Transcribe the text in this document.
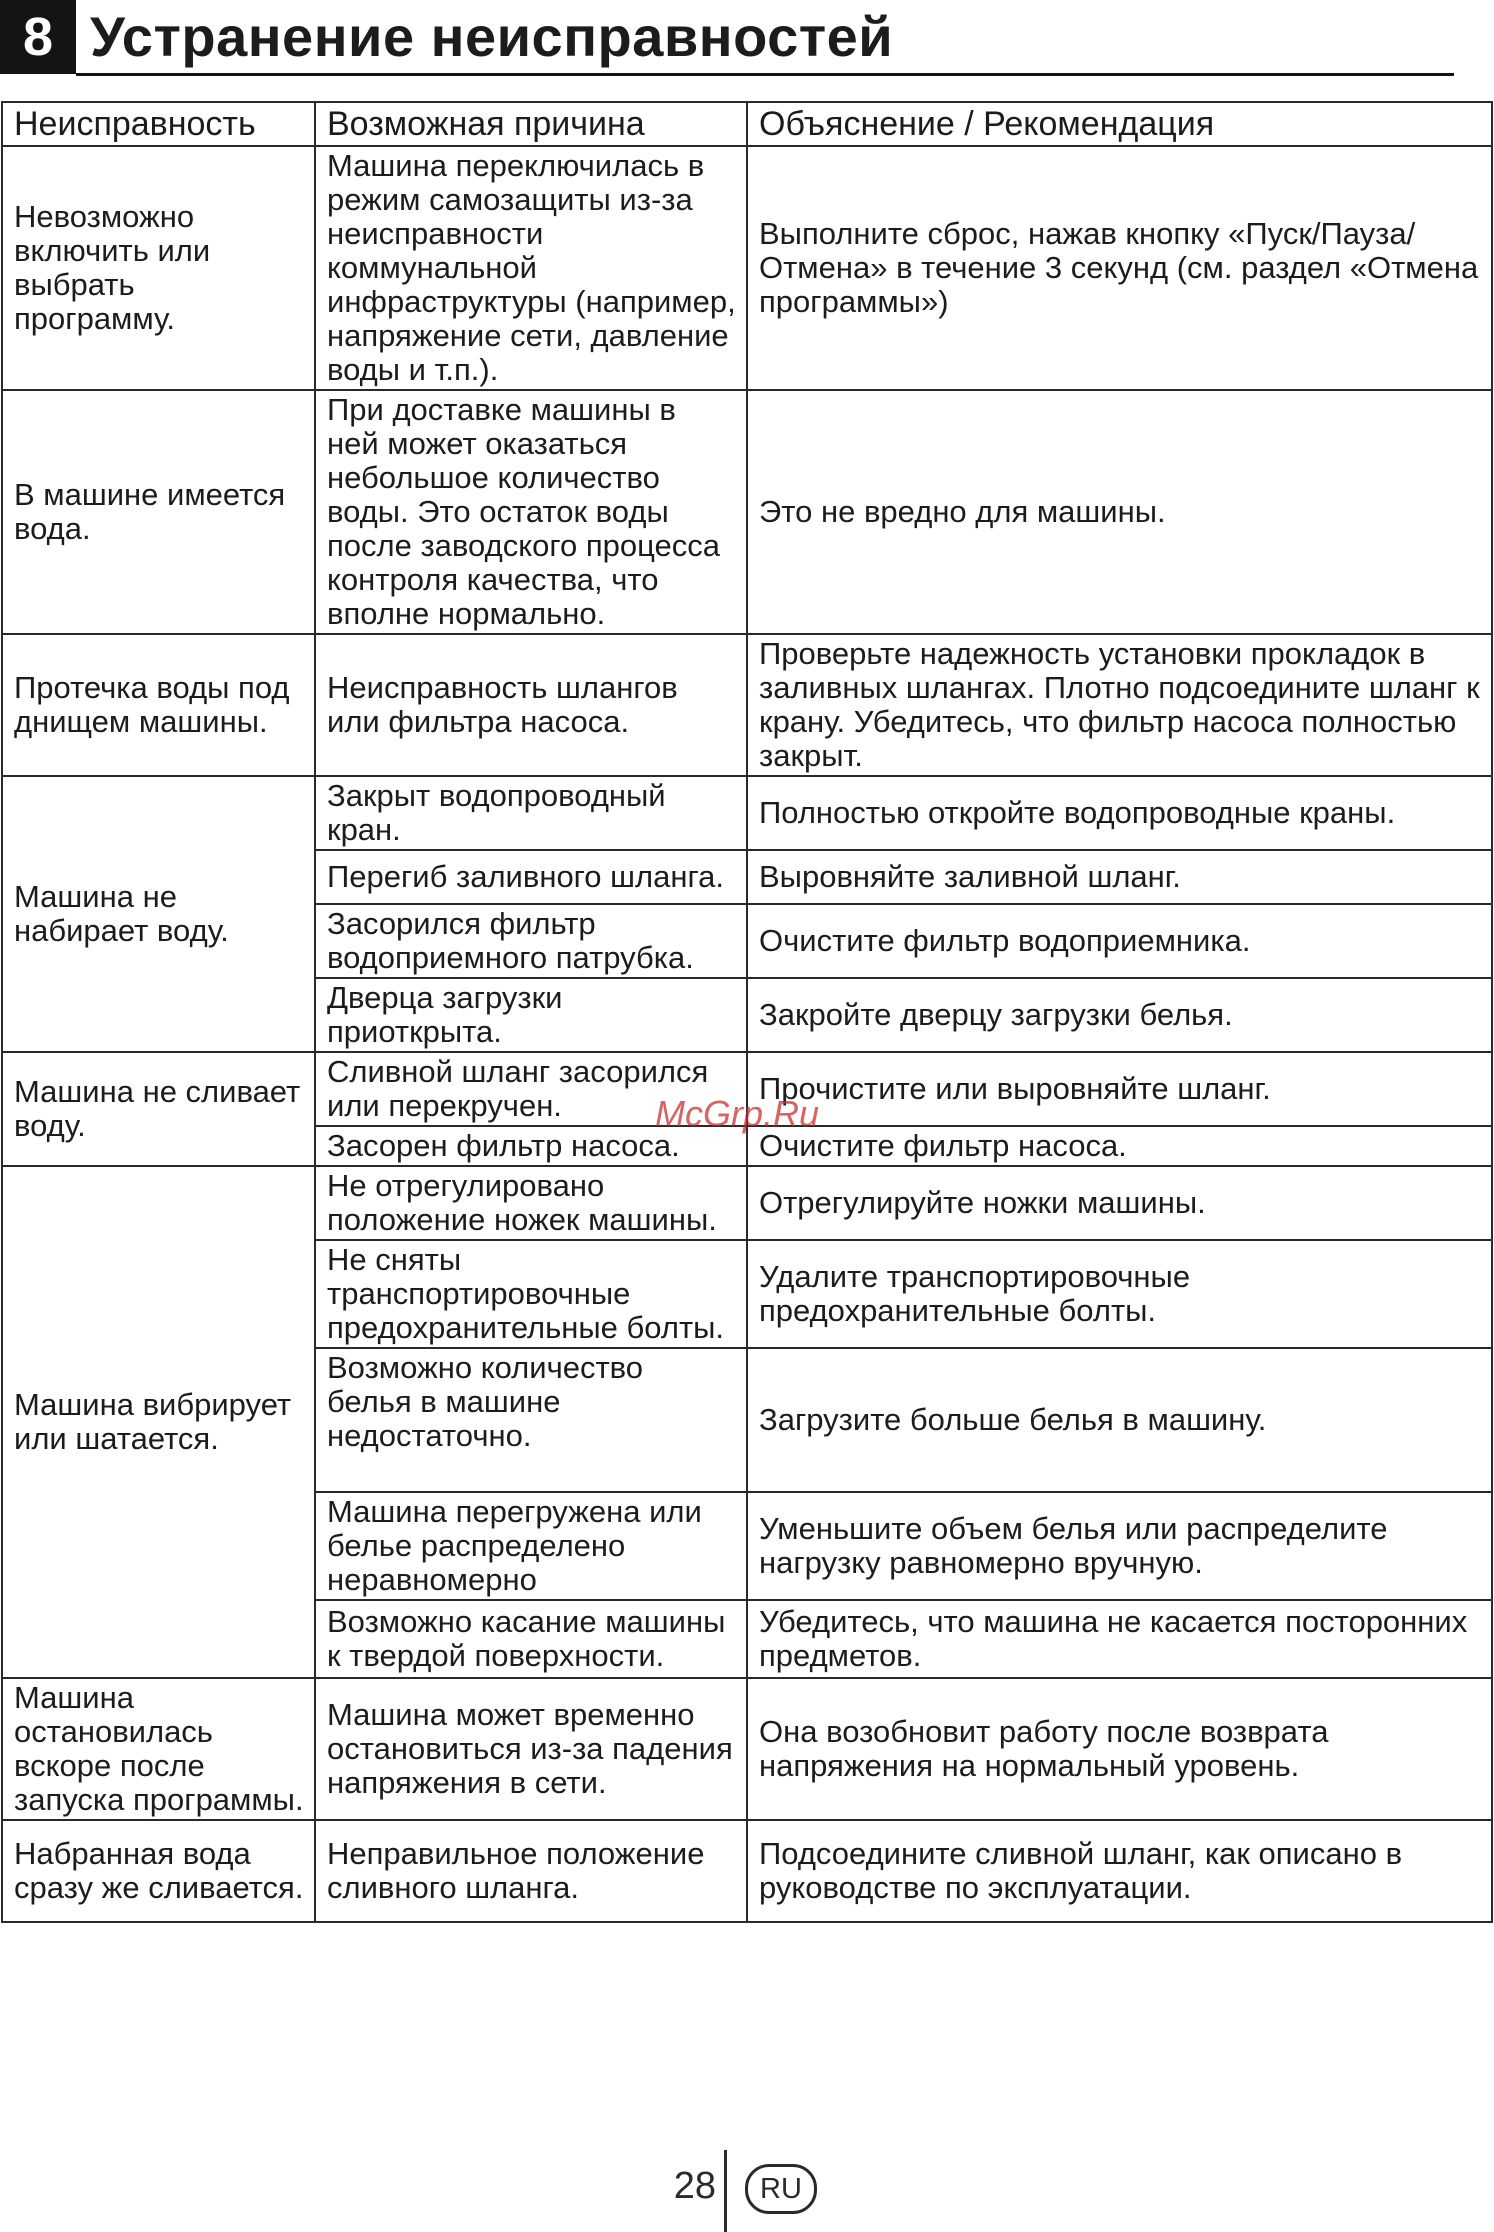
8 Устранение неисправностей
Неисправность	Возможная причина	Объяснение / Рекомендация
Невозможно включить или выбрать программу.	Машина переключилась в режим самозащиты из-за неисправности коммунальной инфраструктуры (например, напряжение сети, давление воды и т.п.).	Выполните сброс, нажав кнопку «Пуск/Пауза/Отмена» в течение 3 секунд (см. раздел «Отмена программы»)
В машине имеется вода.	При доставке машины в ней может оказаться небольшое количество воды. Это остаток воды после заводского процесса контроля качества, что вполне нормально.	Это не вредно для машины.
Протечка воды под днищем машины.	Неисправность шлангов или фильтра насоса.	Проверьте надежность установки прокладок в заливных шлангах. Плотно подсоедините шланг к крану. Убедитесь, что фильтр насоса полностью закрыт.
Машина не набирает воду.	Закрыт водопроводный кран.	Полностью откройте водопроводные краны.
	Перегиб заливного шланга.	Выровняйте заливной шланг.
	Засорился фильтр водоприемного патрубка.	Очистите фильтр водоприемника.
	Дверца загрузки приоткрыта.	Закройте дверцу загрузки белья.
Машина не сливает воду.	Сливной шланг засорился или перекручен.	Прочистите или выровняйте шланг.
	Засорен фильтр насоса.	Очистите фильтр насоса.
Машина вибрирует или шатается.	Не отрегулировано положение ножек машины.	Отрегулируйте ножки машины.
	Не сняты транспортировочные предохранительные болты.	Удалите транспортировочные предохранительные болты.
	Возможно количество белья в машине недостаточно.	Загрузите больше белья в машину.
	Машина перегружена или белье распределено неравномерно	Уменьшите объем белья или распределите нагрузку равномерно вручную.
	Возможно касание машины к твердой поверхности.	Убедитесь, что машина не касается посторонних предметов.
Машина остановилась вскоре после запуска программы.	Машина может временно остановиться из-за падения напряжения в сети.	Она возобновит работу после возврата напряжения на нормальный уровень.
Набранная вода сразу же сливается.	Неправильное положение сливного шланга.	Подсоедините сливной шланг, как описано в руководстве по эксплуатации.
McGrp.Ru
28	RU
